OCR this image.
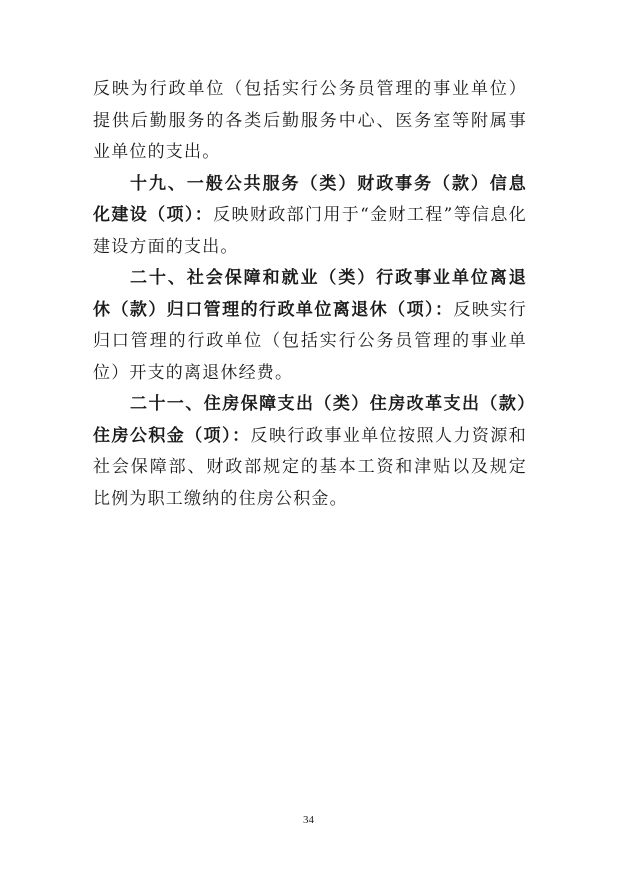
反映为行政单位（包括实行公务员管理的事业单位）提供后勤服务的各类后勤服务中心、医务室等附属事业单位的支出。

十九、一般公共服务（类）财政事务（款）信息化建设（项）：反映财政部门用于“金财工程”等信息化建设方面的支出。

二十、社会保障和就业（类）行政事业单位离退休（款）归口管理的行政单位离退休（项）：反映实行归口管理的行政单位（包括实行公务员管理的事业单位）开支的离退休经费。

二十一、住房保障支出（类）住房改革支出（款）住房公积金（项）：反映行政事业单位按照人力资源和社会保障部、财政部规定的基本工资和津贴以及规定比例为职工缴纳的住房公积金。

34
